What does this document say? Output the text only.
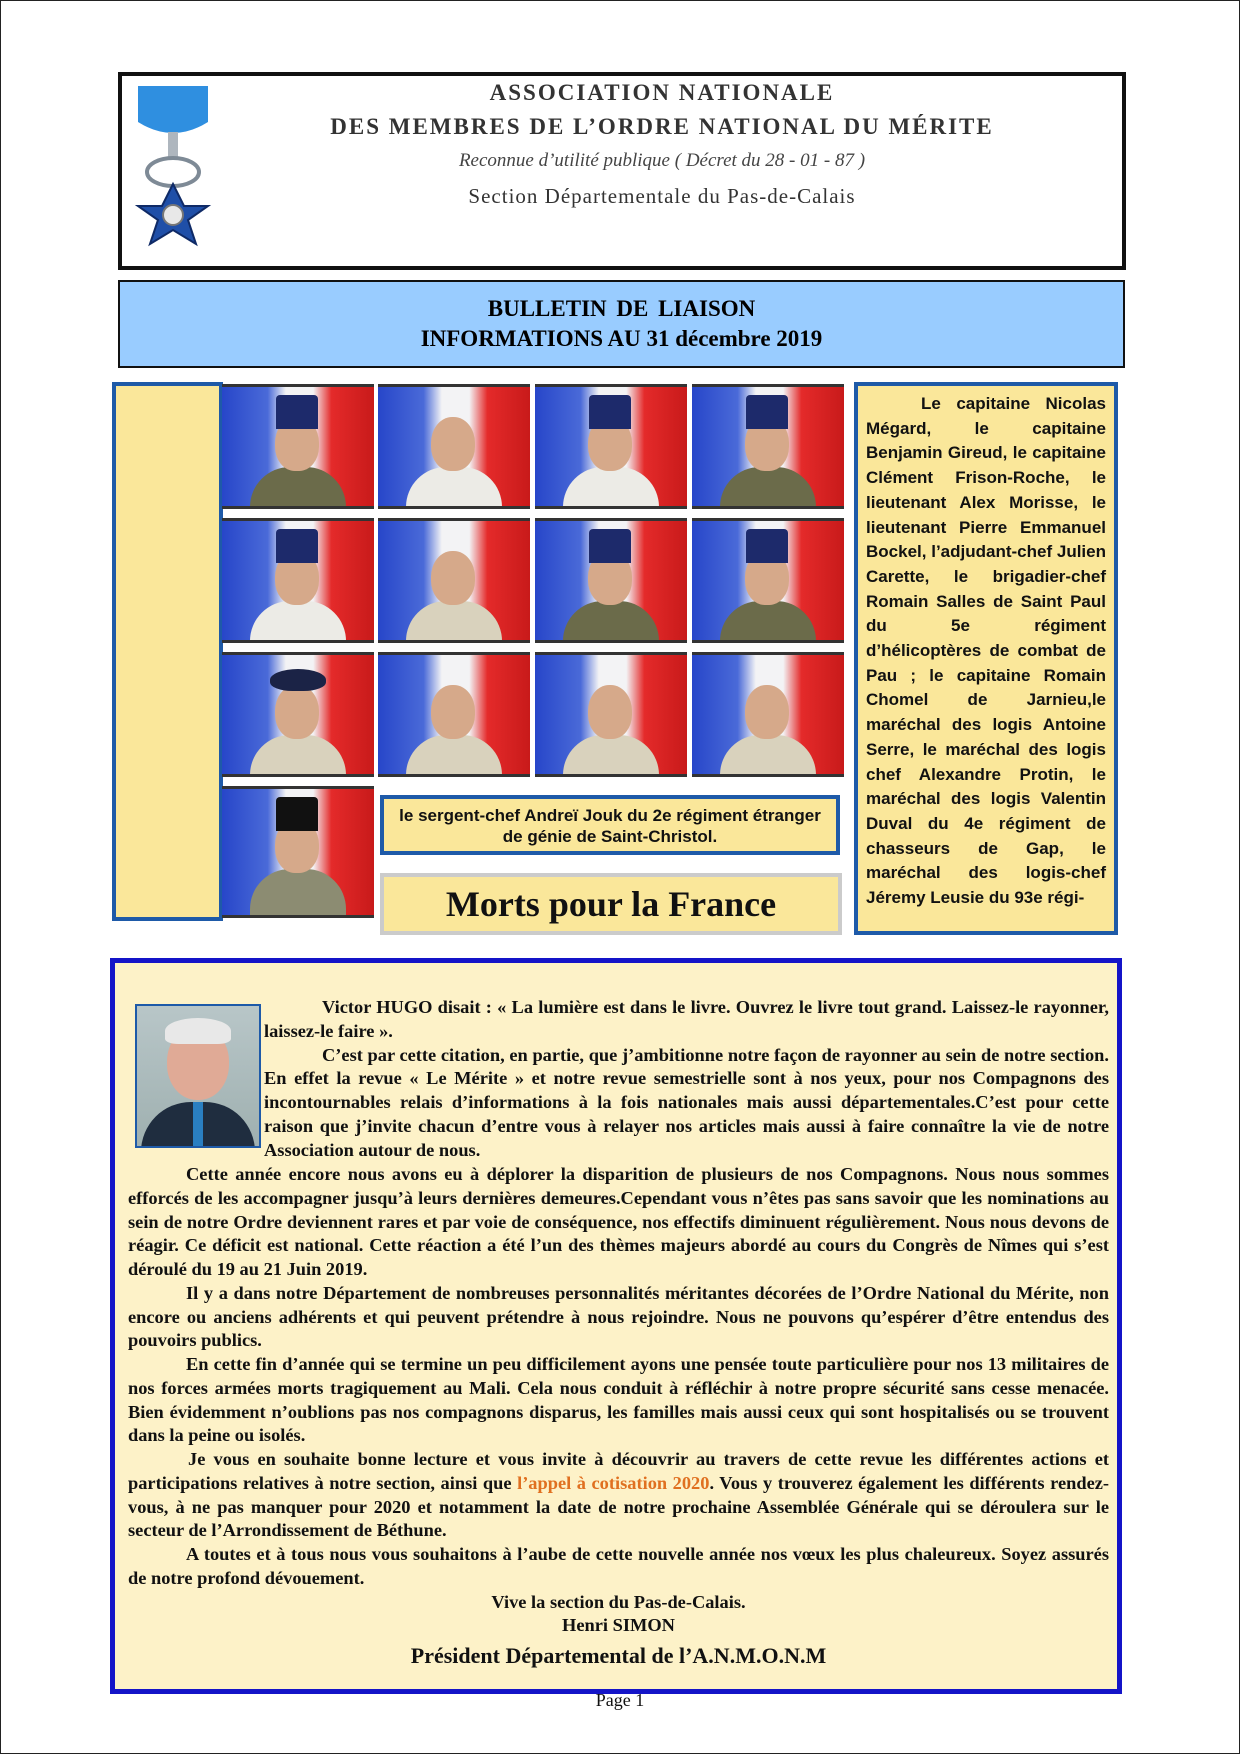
ASSOCIATION NATIONALE
DES MEMBRES DE L’ORDRE NATIONAL DU MÉRITE
Reconnue d’utilité publique ( Décret du 28 - 01 - 87 )
Section Départementale du Pas-de-Calais
BULLETIN DE LIAISON
INFORMATIONS AU 31 décembre 2019
le sergent-chef Andreï Jouk du 2e régiment étranger de génie de Saint-Christol.
Morts pour la France
Le capitaine Nicolas Mégard, le capitaine Benjamin Gireud, le capitaine Clément Frison-Roche, le lieutenant Alex Morisse, le lieutenant Pierre Emmanuel Bockel, l’adjudant-chef Julien Carette, le brigadier-chef Romain Salles de Saint Paul du 5e régiment d’hélicoptères de combat de Pau ; le capitaine Romain Chomel de Jarnieu,le maréchal des logis Antoine Serre, le maréchal des logis chef Alexandre Protin, le maréchal des logis Valentin Duval du 4e régiment de chasseurs de Gap, le maréchal des logis-chef Jéremy Leusie du 93e régi-

Victor HUGO disait : « La lumière est dans le livre. Ouvrez le livre tout grand. Laissez-le rayonner, laissez-le faire ».

C’est par cette citation, en partie, que j’ambitionne notre façon de rayonner au sein de notre section. En effet la revue « Le Mérite » et notre revue semestrielle sont à nos yeux, pour nos Compagnons des incontournables relais d’informations à la fois nationales mais aussi départementales.C’est pour cette raison que j’invite chacun d’entre vous à relayer nos articles mais aussi à faire connaître la vie de notre Association autour de nous.

Cette année encore nous avons eu à déplorer la disparition de plusieurs de nos Compagnons. Nous nous sommes efforcés de les accompagner jusqu’à leurs dernières demeures.Cependant vous n’êtes pas sans savoir que les nominations au sein de notre Ordre deviennent rares et par voie de conséquence, nos effectifs diminuent régulièrement. Nous nous devons de réagir. Ce déficit est national. Cette réaction a été l’un des thèmes majeurs abordé au cours du Congrès de Nîmes qui s’est déroulé du 19 au 21 Juin 2019.

Il y a dans notre Département de nombreuses personnalités méritantes décorées de l’Ordre National du Mérite, non encore ou anciens adhérents et qui peuvent prétendre à nous rejoindre. Nous ne pouvons qu’espérer d’être entendus des pouvoirs publics.

En cette fin d’année qui se termine un peu difficilement ayons une pensée toute particulière pour nos 13 militaires de nos forces armées morts tragiquement au Mali. Cela nous conduit à réfléchir à notre propre sécurité sans cesse menacée. Bien évidemment n’oublions pas nos compagnons disparus, les familles mais aussi ceux qui sont hospitalisés ou se trouvent dans la peine ou isolés.

Je vous en souhaite bonne lecture et vous invite à découvrir au travers de cette revue les différentes actions et participations relatives à notre section, ainsi que l’appel à cotisation 2020. Vous y trouverez également les différents rendez-vous, à ne pas manquer pour 2020 et notamment la date de notre prochaine Assemblée Générale qui se déroulera sur le secteur de l’Arrondissement de Béthune.

A toutes et à tous nous vous souhaitons à l’aube de cette nouvelle année nos vœux les plus chaleureux. Soyez assurés de notre profond dévouement.

Vive la section du Pas-de-Calais.

Henri SIMON

Président Départemental de l’A.N.M.O.N.M

Page 1
